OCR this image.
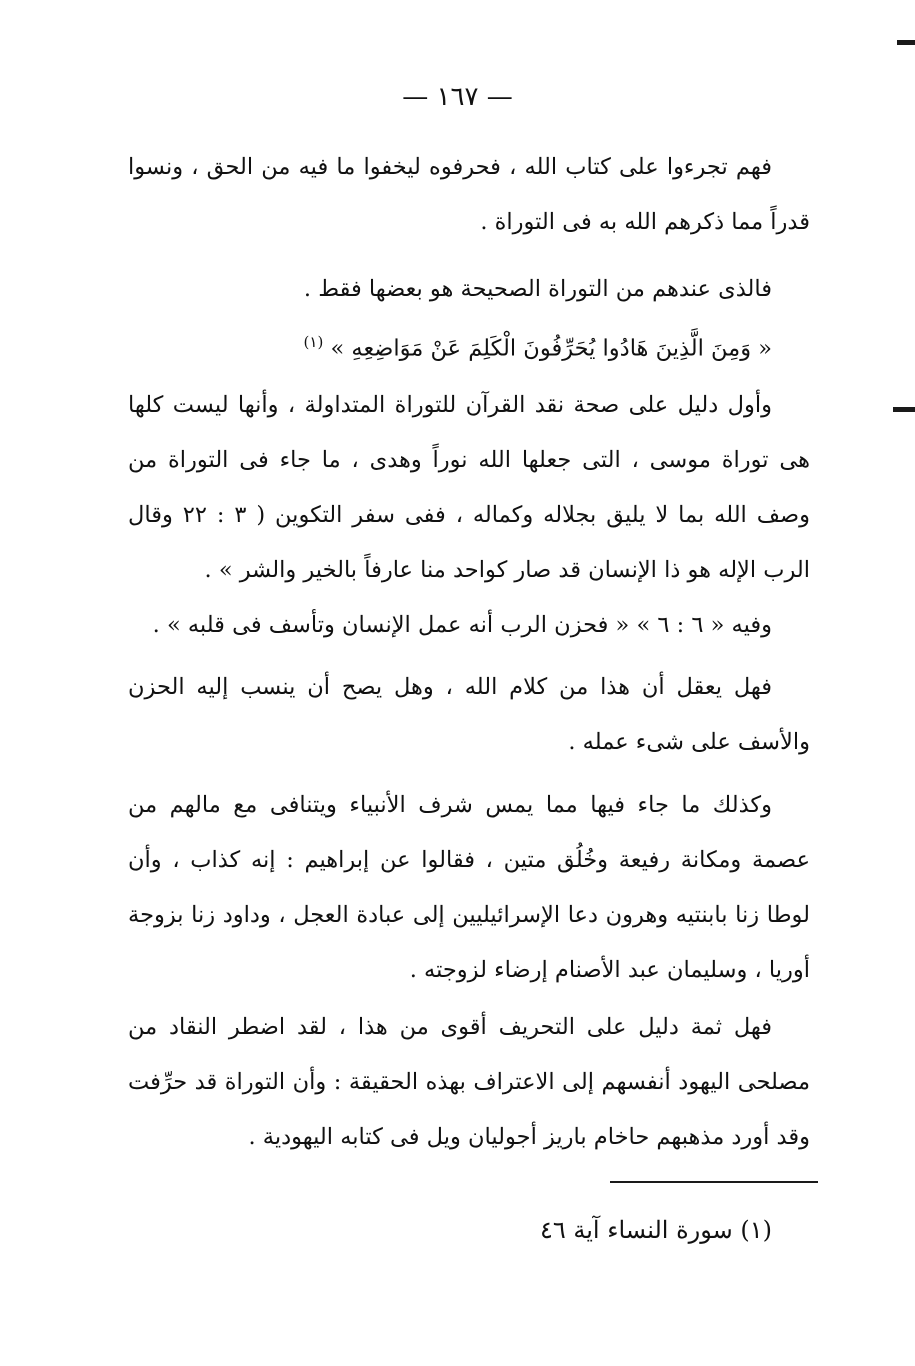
— ١٦٧ —

فهم تجرءوا على كتاب الله ، فحرفوه ليخفوا ما فيه من الحق ، ونسوا قدراً مما ذكرهم الله به فى التوراة .

فالذى عندهم من التوراة الصحيحة هو بعضها فقط .

« وَمِنَ الَّذِينَ هَادُوا يُحَرِّفُونَ الْكَلِمَ عَنْ مَوَاضِعِهِ » $^{(١)}$

وأول دليل على صحة نقد القرآن للتوراة المتداولة ، وأنها ليست كلها هى توراة موسى ، التى جعلها الله نوراً وهدى ، ما جاء فى التوراة من وصف الله بما لا يليق بجلاله وكماله ، ففى سفر التكوين ( ٣ : ٢٢ وقال الرب الإله هو ذا الإنسان قد صار كواحد منا عارفاً بالخير والشر » .

وفيه « ٦ : ٦ » « فحزن الرب أنه عمل الإنسان وتأسف فى قلبه » .

فهل يعقل أن هذا من كلام الله ، وهل يصح أن ينسب إليه الحزن والأسف على شىء عمله .

وكذلك ما جاء فيها مما يمس شرف الأنبياء ويتنافى مع مالهم من عصمة ومكانة رفيعة وخُلُق متين ، فقالوا عن إبراهيم : إنه كذاب ، وأن لوطا زنا بابنتيه وهرون دعا الإسرائيليين إلى عبادة العجل ، وداود زنا بزوجة أوريا ، وسليمان عبد الأصنام إرضاء لزوجته .

فهل ثمة دليل على التحريف أقوى من هذا ، لقد اضطر النقاد من مصلحى اليهود أنفسهم إلى الاعتراف بهذه الحقيقة : وأن التوراة قد حرِّفت وقد أورد مذهبهم حاخام باريز أجوليان ويل فى كتابه اليهودية .

(١) سورة النساء آية ٤٦
